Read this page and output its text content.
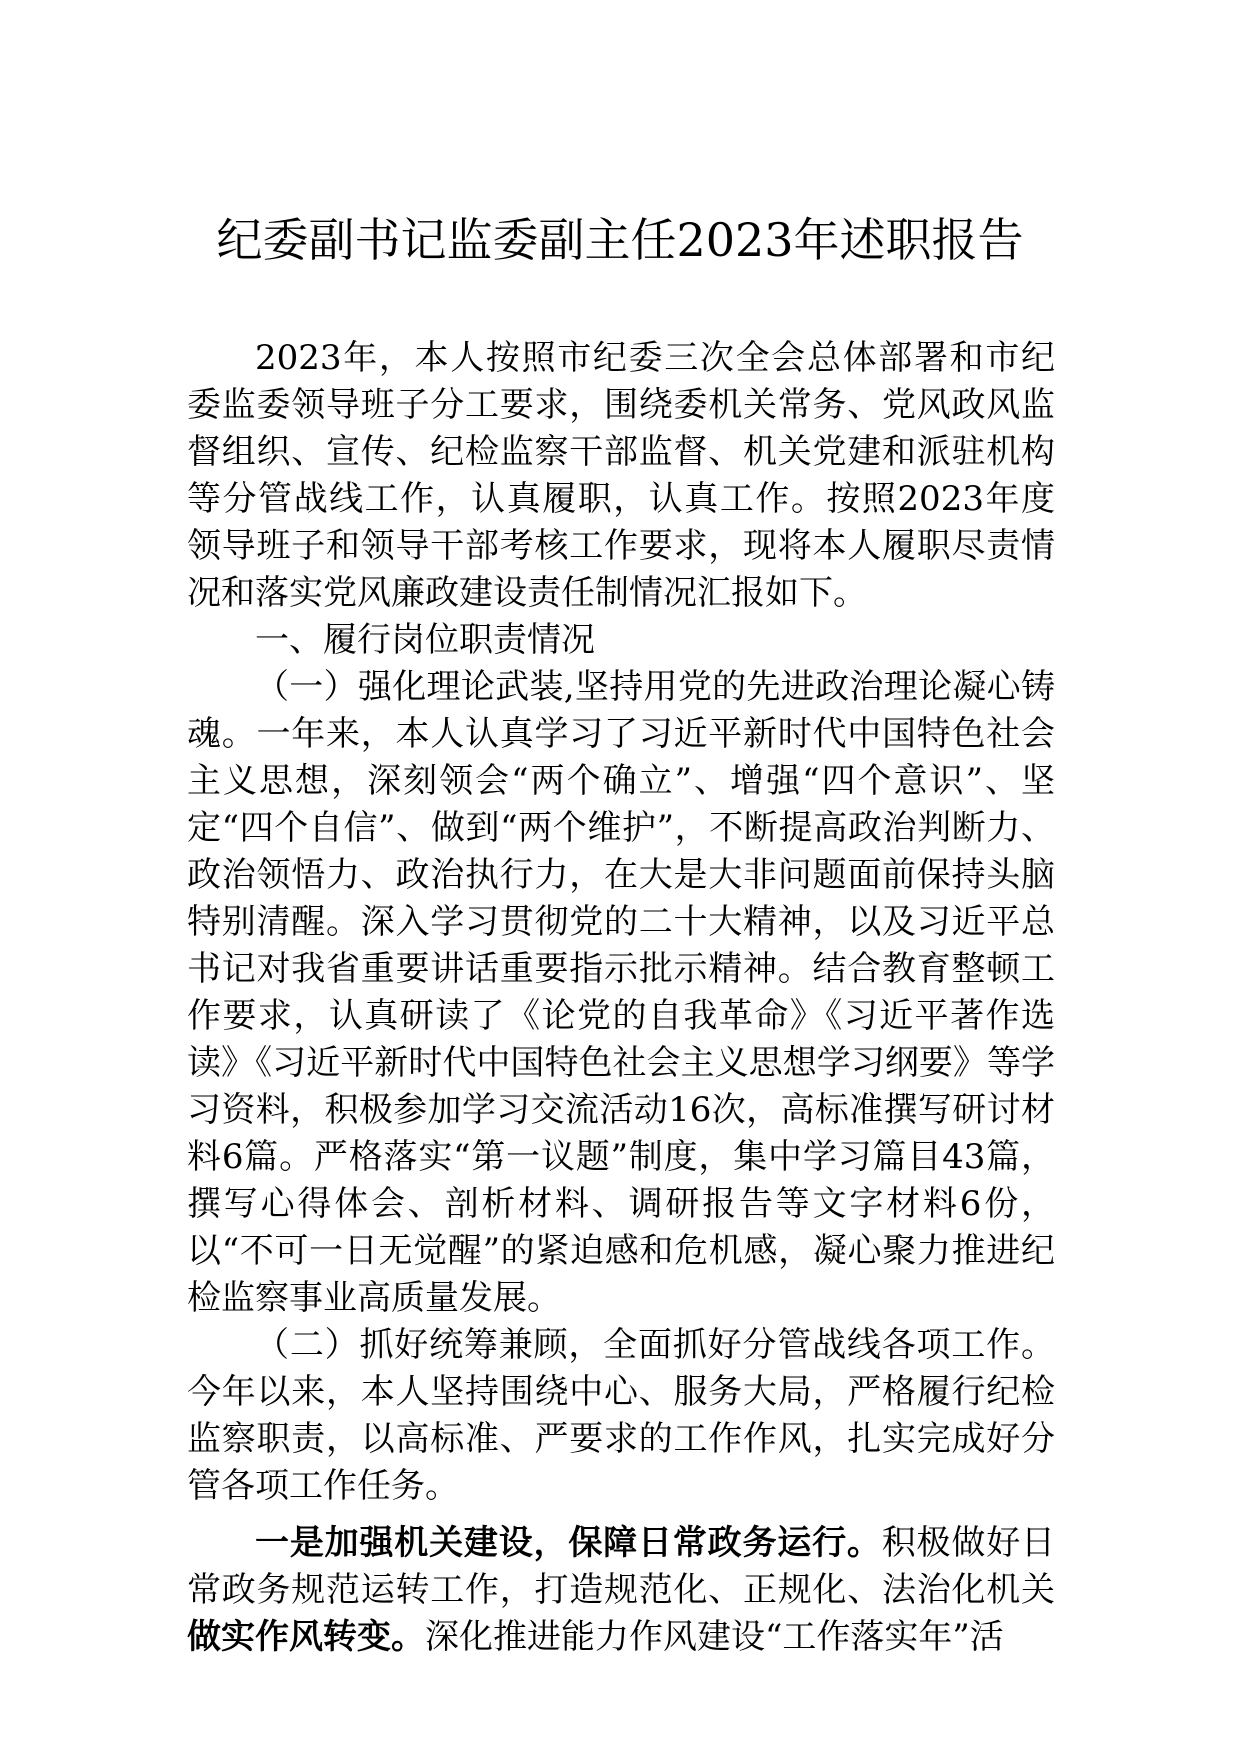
纪委副书记监委副主任2023年述职报告

2023年，本人按照市纪委三次全会总体部署和市纪委监委领导班子分工要求，围绕委机关常务、党风政风监督组织、宣传、纪检监察干部监督、机关党建和派驻机构等分管战线工作，认真履职，认真工作。按照2023年度领导班子和领导干部考核工作要求，现将本人履职尽责情况和落实党风廉政建设责任制情况汇报如下。

一、履行岗位职责情况

（一）强化理论武装,坚持用党的先进政治理论凝心铸魂。一年来，本人认真学习了习近平新时代中国特色社会主义思想，深刻领会“两个确立”、增强“四个意识”、坚定“四个自信”、做到“两个维护”，不断提高政治判断力、政治领悟力、政治执行力，在大是大非问题面前保持头脑特别清醒。深入学习贯彻党的二十大精神，以及习近平总书记对我省重要讲话重要指示批示精神。结合教育整顿工作要求，认真研读了《论党的自我革命》《习近平著作选读》《习近平新时代中国特色社会主义思想学习纲要》等学习资料，积极参加学习交流活动16次，高标准撰写研讨材料6篇。严格落实“第一议题”制度，集中学习篇目43篇，撰写心得体会、剖析材料、调研报告等文字材料6份，以“不可一日无觉醒”的紧迫感和危机感，凝心聚力推进纪检监察事业高质量发展。

（二）抓好统筹兼顾，全面抓好分管战线各项工作。今年以来，本人坚持围绕中心、服务大局，严格履行纪检监察职责，以高标准、严要求的工作作风，扎实完成好分管各项工作任务。

一是加强机关建设，保障日常政务运行。积极做好日常政务规范运转工作，打造规范化、正规化、法治化机关做实作风转变。深化推进能力作风建设“工作落实年”活
